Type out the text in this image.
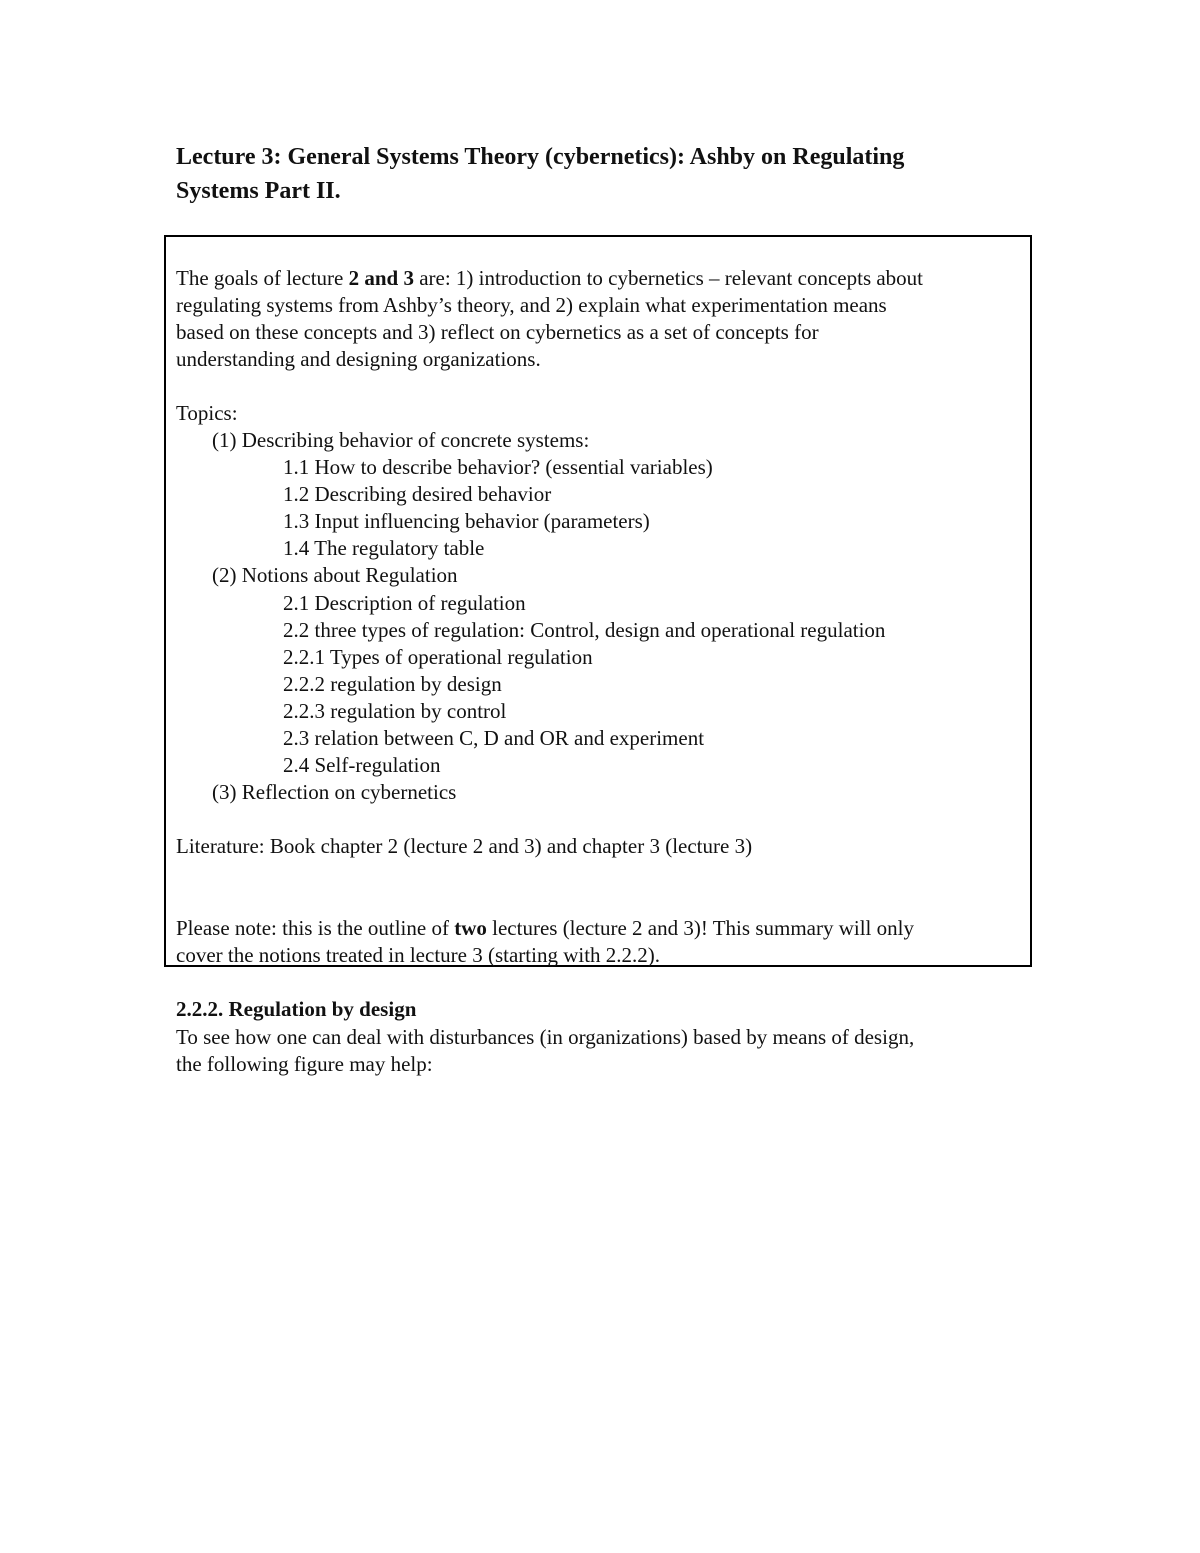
Lecture 3: General Systems Theory (cybernetics): Ashby on Regulating
Systems Part II.
The goals of lecture 2 and 3 are: 1) introduction to cybernetics – relevant concepts about
regulating systems from Ashby’s theory, and 2) explain what experimentation means
based on these concepts and 3) reflect on cybernetics as a set of concepts for
understanding and designing organizations.
Topics:
(1) Describing behavior of concrete systems:
1.1 How to describe behavior? (essential variables)
1.2 Describing desired behavior
1.3 Input influencing behavior (parameters)
1.4 The regulatory table
(2) Notions about Regulation
2.1 Description of regulation
2.2 three types of regulation: Control, design and operational regulation
2.2.1 Types of operational regulation
2.2.2 regulation by design
2.2.3 regulation by control
2.3 relation between C, D and OR and experiment
2.4 Self-regulation
(3) Reflection on cybernetics
Literature: Book chapter 2 (lecture 2 and 3) and chapter 3 (lecture 3)
Please note: this is the outline of two lectures (lecture 2 and 3)! This summary will only
cover the notions treated in lecture 3 (starting with 2.2.2).
2.2.2. Regulation by design
To see how one can deal with disturbances (in organizations) based by means of design,
the following figure may help:
